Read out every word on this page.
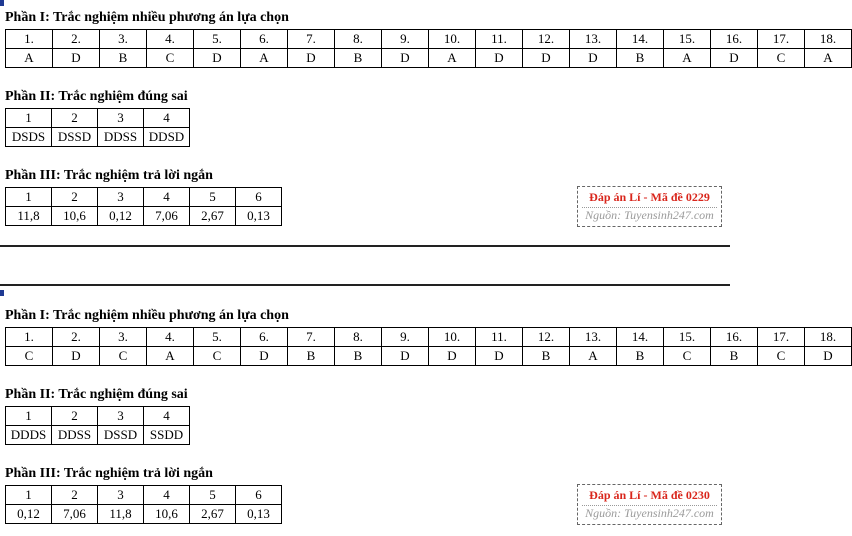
Phần I: Trắc nghiệm nhiều phương án lựa chọn
1.	2.	3.	4.	5.	6.	7.	8.	9.	10.	11.	12.	13.	14.	15.	16.	17.	18.
A	D	B	C	D	A	D	B	D	A	D	D	D	B	A	D	C	A
Phần II: Trắc nghiệm đúng sai
1	2	3	4
DSDS	DSSD	DDSS	DDSD
Phần III: Trắc nghiệm trả lời ngắn
1	2	3	4	5	6
11,8	10,6	0,12	7,06	2,67	0,13
Đáp án Lí - Mã đề 0229
Nguồn: Tuyensinh247.com
Phần I: Trắc nghiệm nhiều phương án lựa chọn
1.	2.	3.	4.	5.	6.	7.	8.	9.	10.	11.	12.	13.	14.	15.	16.	17.	18.
C	D	C	A	C	D	B	B	D	D	D	B	A	B	C	B	C	D
Phần II: Trắc nghiệm đúng sai
1	2	3	4
DDDS	DDSS	DSSD	SSDD
Phần III: Trắc nghiệm trả lời ngắn
1	2	3	4	5	6
0,12	7,06	11,8	10,6	2,67	0,13
Đáp án Lí - Mã đề 0230
Nguồn: Tuyensinh247.com
